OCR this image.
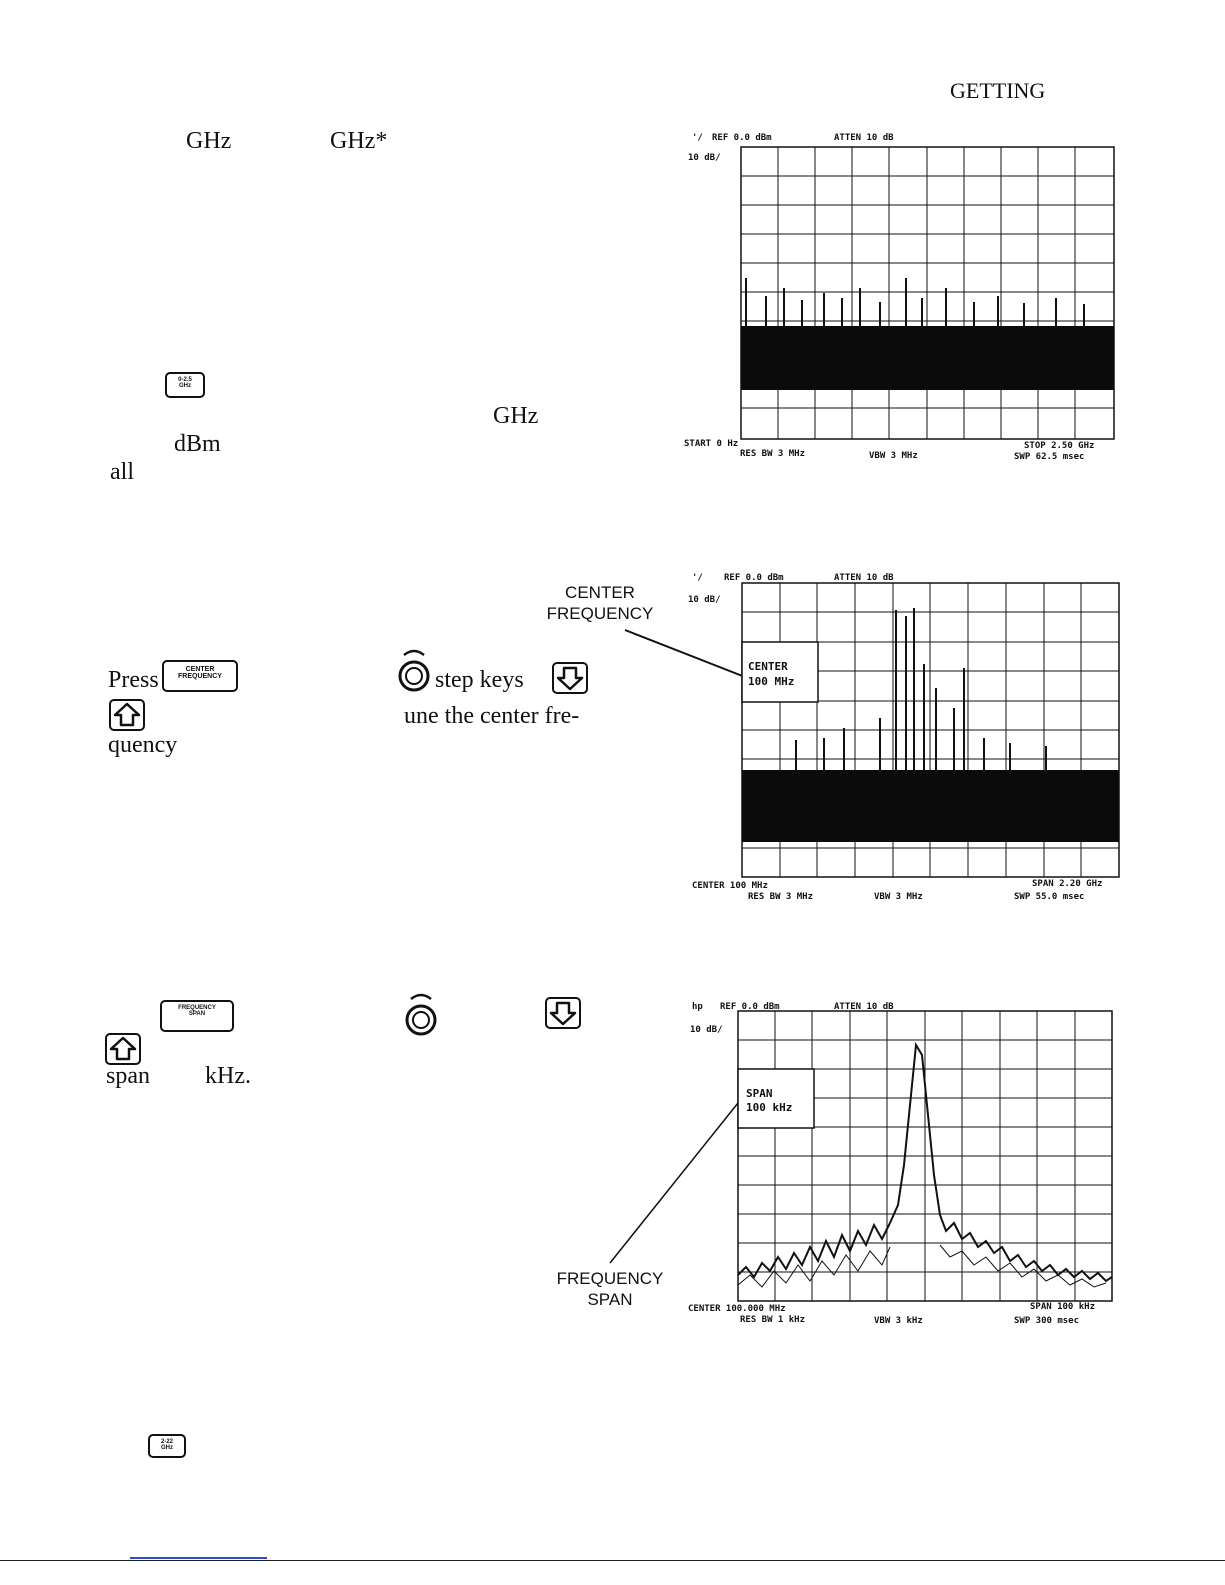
GETTING
GHz	GHz*
0-2.5
GHz
GHz
dBm
all
Press	CENTER
FREQUENCY	step keys
une the center fre-
quency
FREQUENCY
SPAN
span kHz.
2-22
GHz
CENTER
FREQUENCY
FREQUENCY
SPAN
'/ REF 0.0 dBm	ATTEN 10 dB
10 dB/
START 0 Hz	STOP 2.50 GHz
RES BW 3 MHz	VBW 3 MHz	SWP 62.5 msec
'/ REF 0.0 dBm	ATTEN 10 dB
10 dB/
CENTER
100 MHz
CENTER 100 MHz	SPAN 2.20 GHz
RES BW 3 MHz	VBW 3 MHz	SWP 55.0 msec
hp REF 0.0 dBm	ATTEN 10 dB
10 dB/
SPAN
100 kHz
CENTER 100.000 MHz	SPAN 100 kHz
RES BW 1 kHz	VBW 3 kHz	SWP 300 msec
